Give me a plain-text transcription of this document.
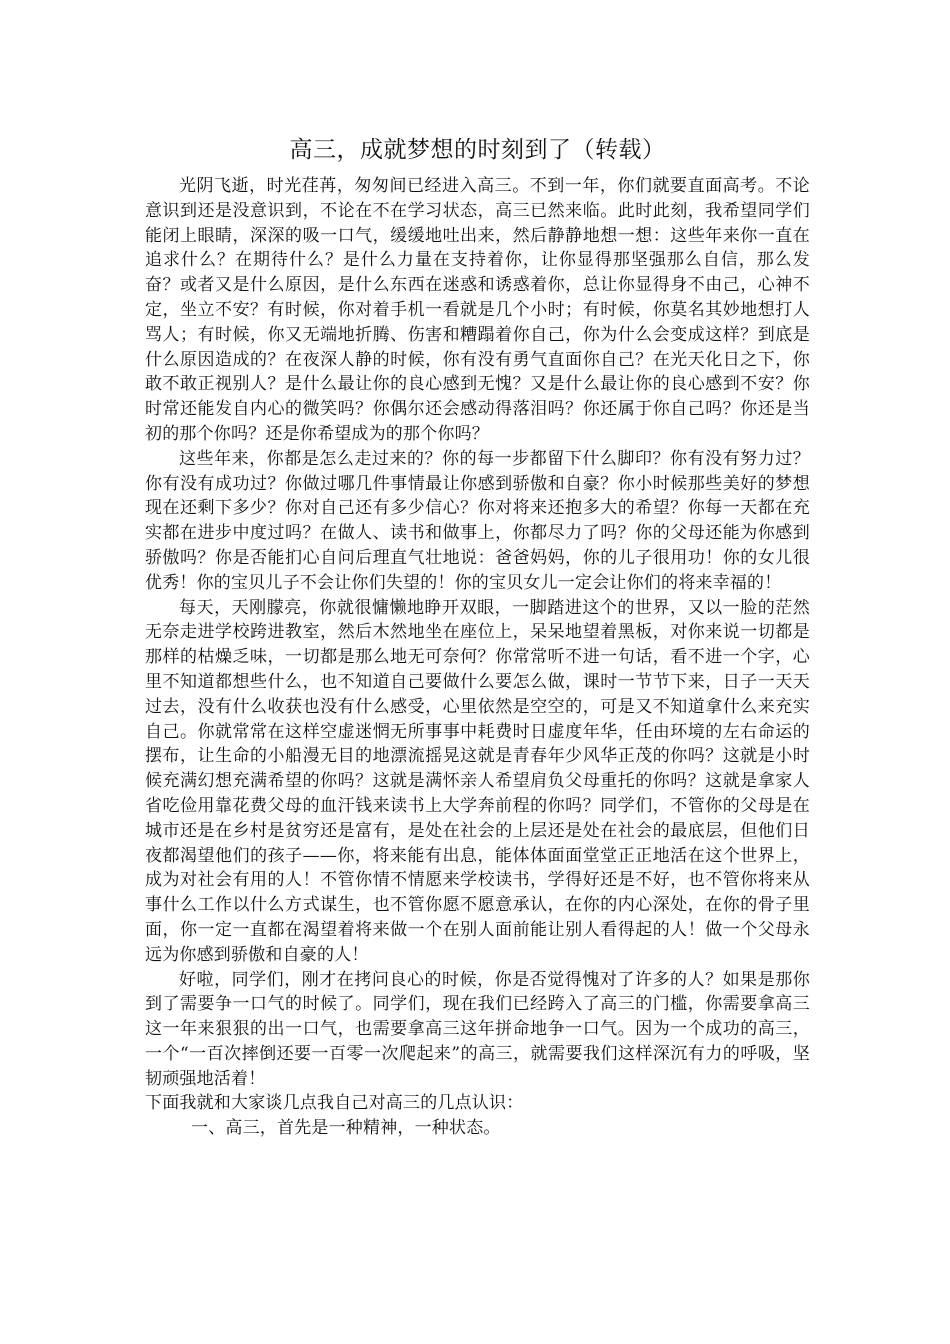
高三，成就梦想的时刻到了（转载）

光阴飞逝，时光荏苒，匆匆间已经进入高三。不到一年，你们就要直面高考。不论意识到还是没意识到，不论在不在学习状态，高三已然来临。此时此刻，我希望同学们能闭上眼睛，深深的吸一口气，缓缓地吐出来，然后静静地想一想：这些年来你一直在追求什么？在期待什么？是什么力量在支持着你，让你显得那坚强那么自信，那么发奋？或者又是什么原因，是什么东西在迷惑和诱惑着你，总让你显得身不由己，心神不定，坐立不安？有时候，你对着手机一看就是几个小时；有时候，你莫名其妙地想打人骂人；有时候，你又无端地折腾、伤害和糟蹋着你自己，你为什么会变成这样？到底是什么原因造成的？在夜深人静的时候，你有没有勇气直面你自己？在光天化日之下，你敢不敢正视别人？是什么最让你的良心感到无愧？又是什么最让你的良心感到不安？你时常还能发自内心的微笑吗？你偶尔还会感动得落泪吗？你还属于你自己吗？你还是当初的那个你吗？还是你希望成为的那个你吗？

这些年来，你都是怎么走过来的？你的每一步都留下什么脚印？你有没有努力过？你有没有成功过？你做过哪几件事情最让你感到骄傲和自豪？你小时候那些美好的梦想现在还剩下多少？你对自己还有多少信心？你对将来还抱多大的希望？你每一天都在充实都在进步中度过吗？在做人、读书和做事上，你都尽力了吗？你的父母还能为你感到骄傲吗？你是否能扪心自问后理直气壮地说：爸爸妈妈，你的儿子很用功！你的女儿很优秀！你的宝贝儿子不会让你们失望的！你的宝贝女儿一定会让你们的将来幸福的！

每天，天刚朦亮，你就很慵懒地睁开双眼，一脚踏进这个的世界，又以一脸的茫然无奈走进学校跨进教室，然后木然地坐在座位上，呆呆地望着黑板，对你来说一切都是那样的枯燥乏味，一切都是那么地无可奈何？你常常听不进一句话，看不进一个字，心里不知道都想些什么，也不知道自己要做什么要怎么做，课时一节节下来，日子一天天过去，没有什么收获也没有什么感受，心里依然是空空的，可是又不知道拿什么来充实自己。你就常常在这样空虚迷惘无所事事中耗费时日虚度年华，任由环境的左右命运的摆布，让生命的小船漫无目的地漂流摇晃这就是青春年少风华正茂的你吗？这就是小时候充满幻想充满希望的你吗？这就是满怀亲人希望肩负父母重托的你吗？这就是拿家人省吃俭用靠花费父母的血汗钱来读书上大学奔前程的你吗？同学们，不管你的父母是在城市还是在乡村是贫穷还是富有，是处在社会的上层还是处在社会的最底层，但他们日夜都渴望他们的孩子——你，将来能有出息，能体体面面堂堂正正地活在这个世界上，成为对社会有用的人！不管你情不情愿来学校读书，学得好还是不好，也不管你将来从事什么工作以什么方式谋生，也不管你愿不愿意承认，在你的内心深处，在你的骨子里面，你一定一直都在渴望着将来做一个在别人面前能让别人看得起的人！做一个父母永远为你感到骄傲和自豪的人！

好啦，同学们，刚才在拷问良心的时候，你是否觉得愧对了许多的人？如果是那你到了需要争一口气的时候了。同学们，现在我们已经跨入了高三的门槛，你需要拿高三这一年来狠狠的出一口气，也需要拿高三这年拼命地争一口气。因为一个成功的高三，一个“一百次摔倒还要一百零一次爬起来”的高三，就需要我们这样深沉有力的呼吸，坚韧顽强地活着！

下面我就和大家谈几点我自己对高三的几点认识：

一、高三，首先是一种精神，一种状态。
